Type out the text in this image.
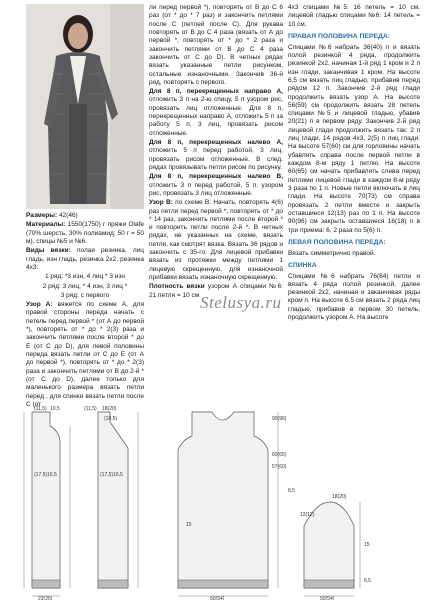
Размеры: 42(46)

Материалы: 1550(1750) г пряжи Olafe (70% шерсть, 30% полиамид; 50 г = 50 м), спицы №5 и №6.

Виды вязки: полая резинка, лиц гладь, изн гладь, резинка 2х2, резинка 4х3:

1 ряд: *3 изн, 4 лиц * 3 изн

2 ряд: 3 лиц, * 4 изн, 3 лиц *

3 ряд: с первого

Узор А: вяжется по схеме А, для правой стороны переда начать с петель перед первой * (от А до первой *), повторять от * до * 2(3) раза и закончить петлями после второй * до Е (от С до D), для левой половины переда вязать петли от С до Е (от А до первой *), повторять от * до * 2(3) раза и закончить петлями от В до 2-й * (от С до D), далее только для маленького размера вязать петли перед , для спинки вязать петли после С (от

ли перед первой *), повторять от В до С 6 раз (от * до * 7 раз) и закончить петлями после С (петлей после С). Для рукава повторять от В до С 4 раза (вязать от А до первой *, повторять от * до * 2 раза и закончить петлями от В до С 4 раза закончить от С до D). В четных рядах вязать указанные петли рисунком, остальные изнаночными. Закончив 36-й ряд, повторять с первого.

Для 8 п, перекрещенных направо А, отложить 3 п на 2-ю спицу, 5 п узором рис, провязать лиц отложенные. Для 8 п, перекрещенных направо А, отложить 5 п за работу 5 п, 3 лиц, провязать рисом отложенные.

Для 8 п, перекрещенных налево А, отложить 5 п перед работой, 3 лиц, провязать рисом отложенные. В след. рядах провязывать петли рисом по рисунку.

Для 8 п, перекрещенных налево В, отложить 3 п перед работой, 5 п. узором рис, провязать 3 лиц отложенные.

Узор В: по схеме В. Начать, повторять 4(6) раз петли перед первой *, повторять от * до * 14 раз, закончить петлями после второй * и повторить петли после 2-й *. В четных рядах, не указанных на схеме, вязать петли, как смотрят вязка. Вязать 36 рядов и закончить с 35-го. Для лицевой прибавки вязать из протяжки между петлями 1 лицевую скрещенную, для изнаночной прибавки вязать изнаночную скрещенную.

Плотность вязки узором А спицами №6: 21 петля = 10 см

4х3 спицами №5: 16 петель = 10 см, лицевой гладью спицами №6: 14 петель = 10 см.

ПРАВАЯ ПОЛОВИНА ПЕРЕДА:

Спицами №6 набрать 36(40) п и вязать полой резинкой 4 ряда, продолжить резинкой 2х2, начиная 1-й ряд 1 кром и 2 п изн глади, заканчивая 1 кром. На высоте 6,5 см вязать лиц гладью, прибавив перед рядом 12 п. Закончив 2-й ряд глади продолжить вязать узор А. На высоте 56(59) см продолжить вязать 28 петель спицами №5 и лицевой гладью, убавив 20(21) п в первом ряду. Закончив 2-й ряд лицевой глади продолжить вязать так: 2 п лиц глади, 14 рядов 4х3, 2(5) п лиц глади. На высоте 57(60) см для горловины начать убавлять справа после первой петли в каждом 8-м ряду 1 петлю. На высоте 60(65) см начать прибавлять слева перед петлями лицевой глади в каждом 8-м ряду 3 раза по 1 п. Новые петли включать в лиц глади. На высоте 70(73) см справа провязать 2 петли вместе и закрыть оставшиеся 12(13) раз по 1 п. На высоте 90(96) см закрыть оставшиеся 16(18) п в три приема: 6, 2 раза по 5(6) п.

ЛЕВАЯ ПОЛОВИНА ПЕРЕДА:

Вязать симметрично правой.

СПИНКА

Спицами №6 набрать 76(84) петли и вязать 4 ряда полой резинкой, далее резинкой 2х2, начиная и заканчивая ряды кром п. На высоте 6,5 см вязать 2 ряда лиц гладью, прибавив в первом 30 петель, продолжить узором А. На высоте

Stelusya.ru
(11,5) 10,5
(17,5)16,5
23(25)
90(96)
60(65)
57(60)
8,5
18(20)
15
50(54)
15
50(54)
18(20)
12(12)
(10,5)
6,5
(11,5)
(17,5)16,5
